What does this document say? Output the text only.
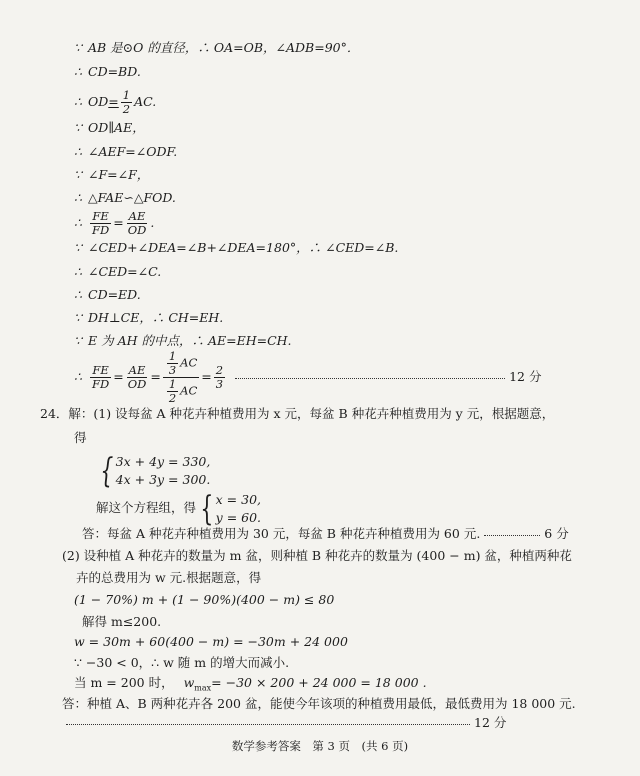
∵ AB 是⊙O 的直径，∴ OA=OB，∠ADB=90°．
∴ CD=BD.
∴ $OD= \frac{1}{2}$ AC.
∵ OD∥AE，
∴ ∠AEF=∠ODF.
∵ ∠F=∠F，
∴ △FAE∽△FOD.
∴ $\frac{FE}{FD} = \frac{AE}{OD}$ .
∵ ∠CED+∠DEA=∠B+∠DEA=180°，∴ ∠CED=∠B.
∴ ∠CED=∠C.
∴ CD=ED.
∵ DH⊥CE，∴ CH=EH.
∵ E 为 AH 的中点，∴ AE=EH=CH.
∴ $\frac{FE}{FD} = \frac{AE}{OD} = \frac{\frac{1}{3} AC}{\frac{1}{2} AC} = \frac{2}{3}$	12 分
24．解：(1) 设每盆 A 种花卉种植费用为 x 元，每盆 B 种花卉种植费用为 y 元，根据题意，
得
{ 3x + 4y = 330,
4x + 3y = 300.
解这个方程组，得 { x = 30,
y = 60.
答：每盆 A 种花卉种植费用为 30 元，每盆 B 种花卉种植费用为 60 元.	6 分
(2) 设种植 A 种花卉的数量为 m 盆，则种植 B 种花卉的数量为 (400 − m) 盆，种植两种花
卉的总费用为 w 元.根据题意，得
(1 − 70%) m + (1 − 90%)(400 − m) ≤ 80
解得 m≤200.
w = 30m + 60(400 − m) = −30m + 24 000
∵ −30 < 0，∴ w 随 m 的增大而减小.
当 m = 200 时， $w_{max}= -30 \times 200 + 24$ 000 = 18 000 .
答：种植 A、B 两种花卉各 200 盆，能使今年该项的种植费用最低，最低费用为 18 000 元.
12 分
数学参考答案　第 3 页　(共 6 页)
